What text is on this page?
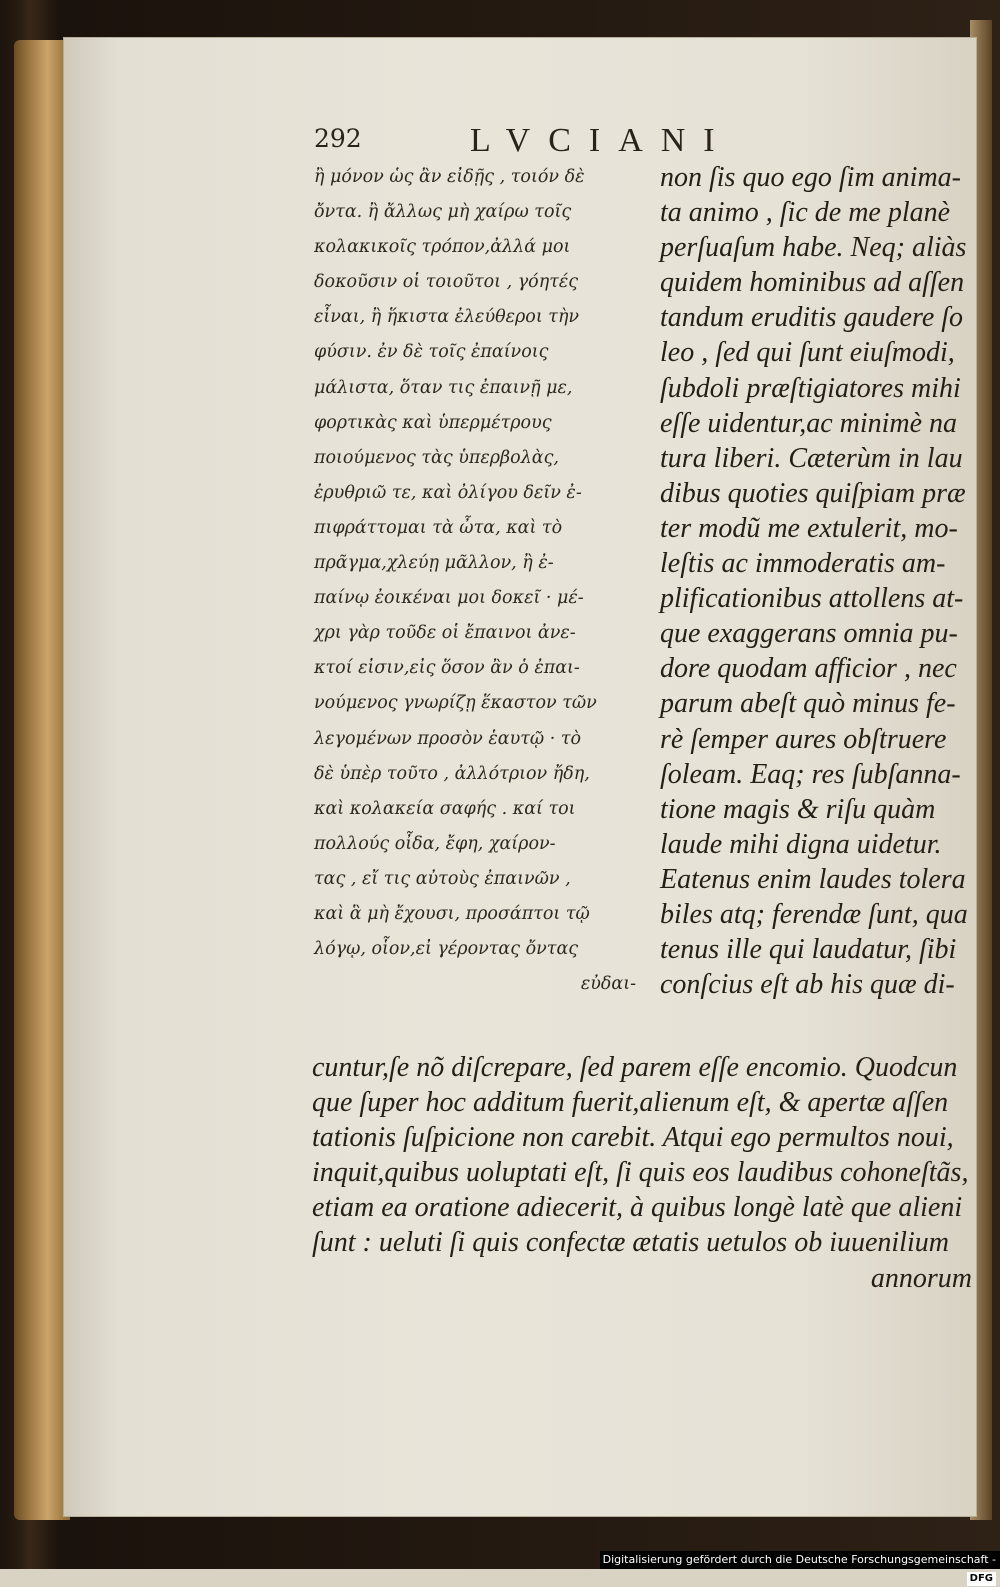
292	LVCIANI
ἢ μόνον ὡς ἂν εἰδῇς , τοιόν δὲ
ὄντα. ἢ ἄλλως μὴ χαίρω τοῖς
κολακικοῖς τρόπον,ἀλλά μοι
δοκοῦσιν οἱ τοιοῦτοι , γόητές
εἶναι, ἢ ἥκιστα ἐλεύθεροι τὴν
φύσιν. ἐν δὲ τοῖς ἐπαίνοις
μάλιστα, ὅταν τις ἐπαινῇ με,
φορτικὰς καὶ ὑπερμέτρους
ποιούμενος τὰς ὑπερβολὰς,
ἐρυθριῶ τε, καὶ ὀλίγου δεῖν ἐ-
πιφράττομαι τὰ ὦτα, καὶ τὸ
πρᾶγμα,χλεύῃ μᾶλλον, ἢ ἐ-
παίνῳ ἐοικέναι μοι δοκεῖ · μέ-
χρι γὰρ τοῦδε οἱ ἔπαινοι ἀνε-
κτοί εἰσιν,εἰς ὅσον ἂν ὁ ἐπαι-
νούμενος γνωρίζῃ ἕκαστον τῶν
λεγομένων προσὸν ἑαυτῷ · τὸ
δὲ ὑπὲρ τοῦτο , ἀλλότριον ἤδη,
καὶ κολακεία σαφής . καί τοι
πολλούς οἶδα, ἔφη, χαίρον-
τας , εἴ τις αὐτοὺς ἐπαινῶν ,
καὶ ἃ μὴ ἔχουσι, προσάπτοι τῷ
λόγῳ, οἷον,εἰ γέροντας ὄντας
εὐδαι-
non ſis quo ego ſim anima-
ta animo , ſic de me planè
perſuaſum habe. Neq; aliàs
quidem hominibus ad aſſen
tandum eruditis gaudere ſo
leo , ſed qui ſunt eiuſmodi,
ſubdoli præſtigiatores mihi
eſſe uidentur,ac minimè na
tura liberi. Cæterùm in lau
dibus quoties quiſpiam præ
ter modũ me extulerit, mo-
leſtis ac immoderatis am-
plificationibus attollens at-
que exaggerans omnia pu-
dore quodam afficior , nec
parum abeſt quò minus fe-
rè ſemper aures obſtruere
ſoleam. Eaq; res ſubſanna-
tione magis & riſu quàm
laude mihi digna uidetur.
Eatenus enim laudes tolera
biles atq; ferendæ ſunt, qua
tenus ille qui laudatur, ſibi
conſcius eſt ab his quæ di-
cuntur,ſe nõ diſcrepare, ſed parem eſſe encomio. Quodcun
que ſuper hoc additum fuerit,alienum eſt, & apertæ aſſen
tationis ſuſpicione non carebit. Atqui ego permultos noui,
inquit,quibus uoluptati eſt, ſi quis eos laudibus cohoneſtãs,
etiam ea oratione adiecerit, à quibus longè latè que alieni
ſunt : ueluti ſi quis confectæ ætatis uetulos ob iuuenilium
annorum
Digitalisierung gefördert durch die Deutsche Forschungsgemeinschaft - DFG
